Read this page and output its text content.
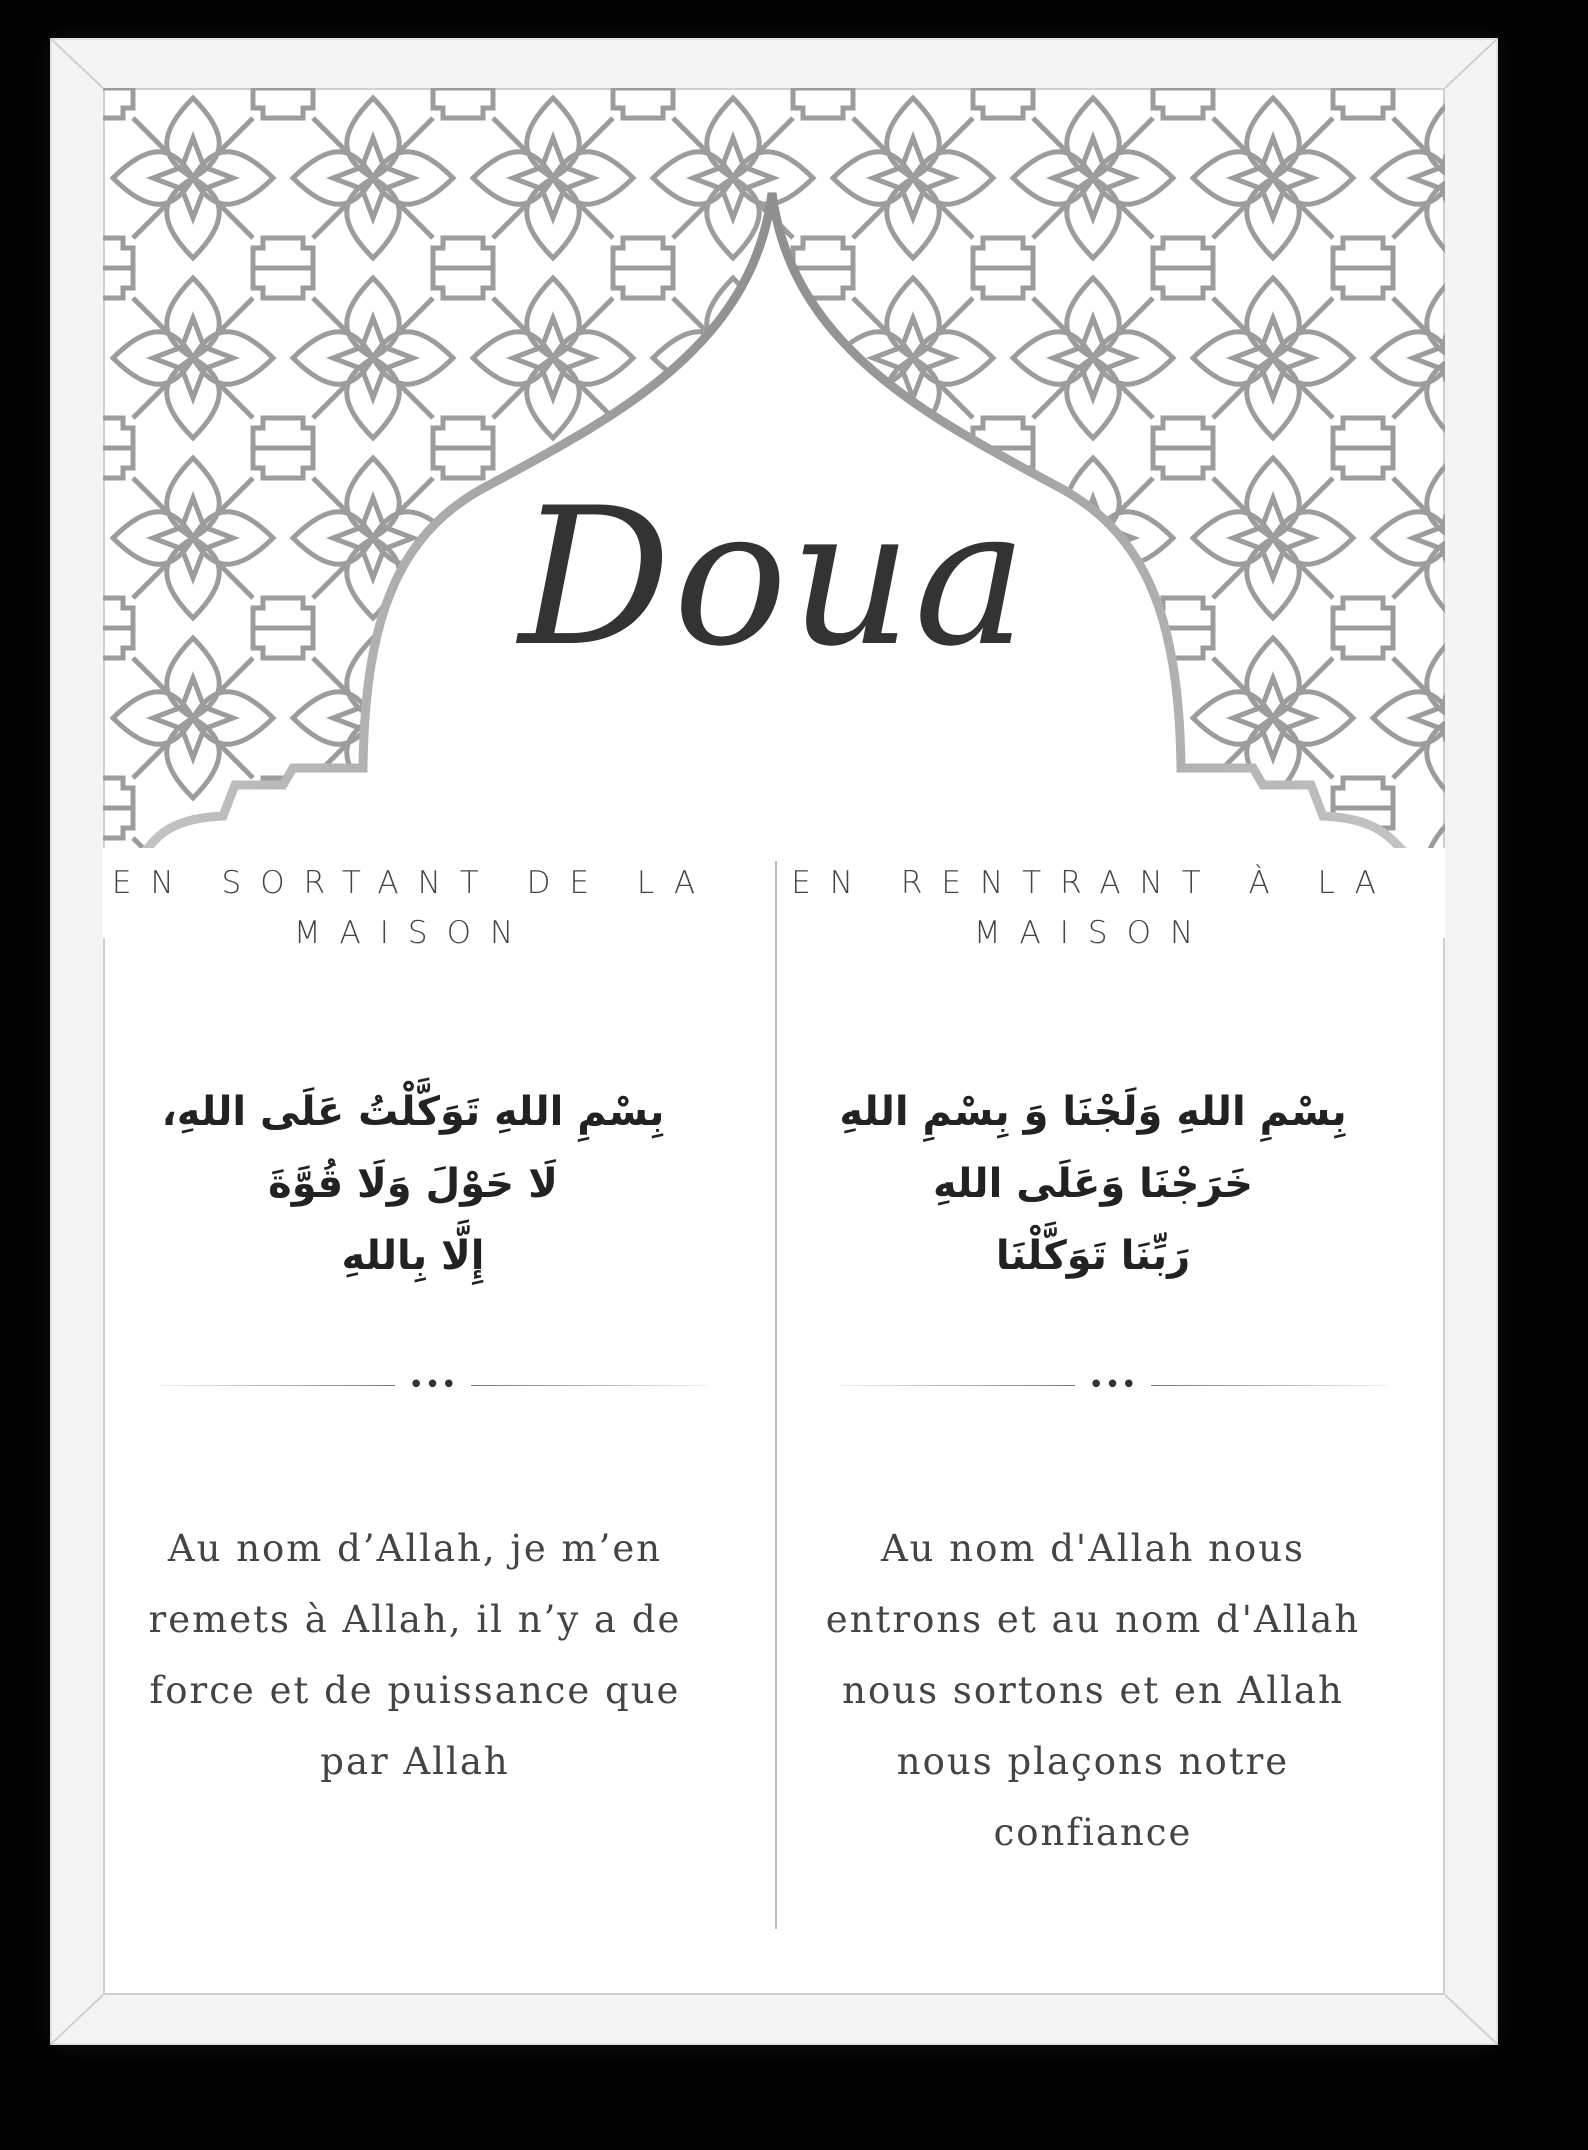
Doua
EN SORTANT DE LA MAISON
EN RENTRANT À LA MAISON
بِسْمِ اللهِ تَوَكَّلْتُ عَلَى اللهِ،
لَا حَوْلَ وَلَا قُوَّةَ
إِلَّا بِاللهِ
بِسْمِ اللهِ وَلَجْنَا وَ بِسْمِ اللهِ
خَرَجْنَا وَعَلَى اللهِ
رَبِّنَا تَوَكَّلْنَا
•••	•••
Au nom d’Allah, je m’en remets à Allah, il n’y a de force et de puissance que par Allah
Au nom d'Allah nous entrons et au nom d'Allah nous sortons et en Allah nous plaçons notre confiance
